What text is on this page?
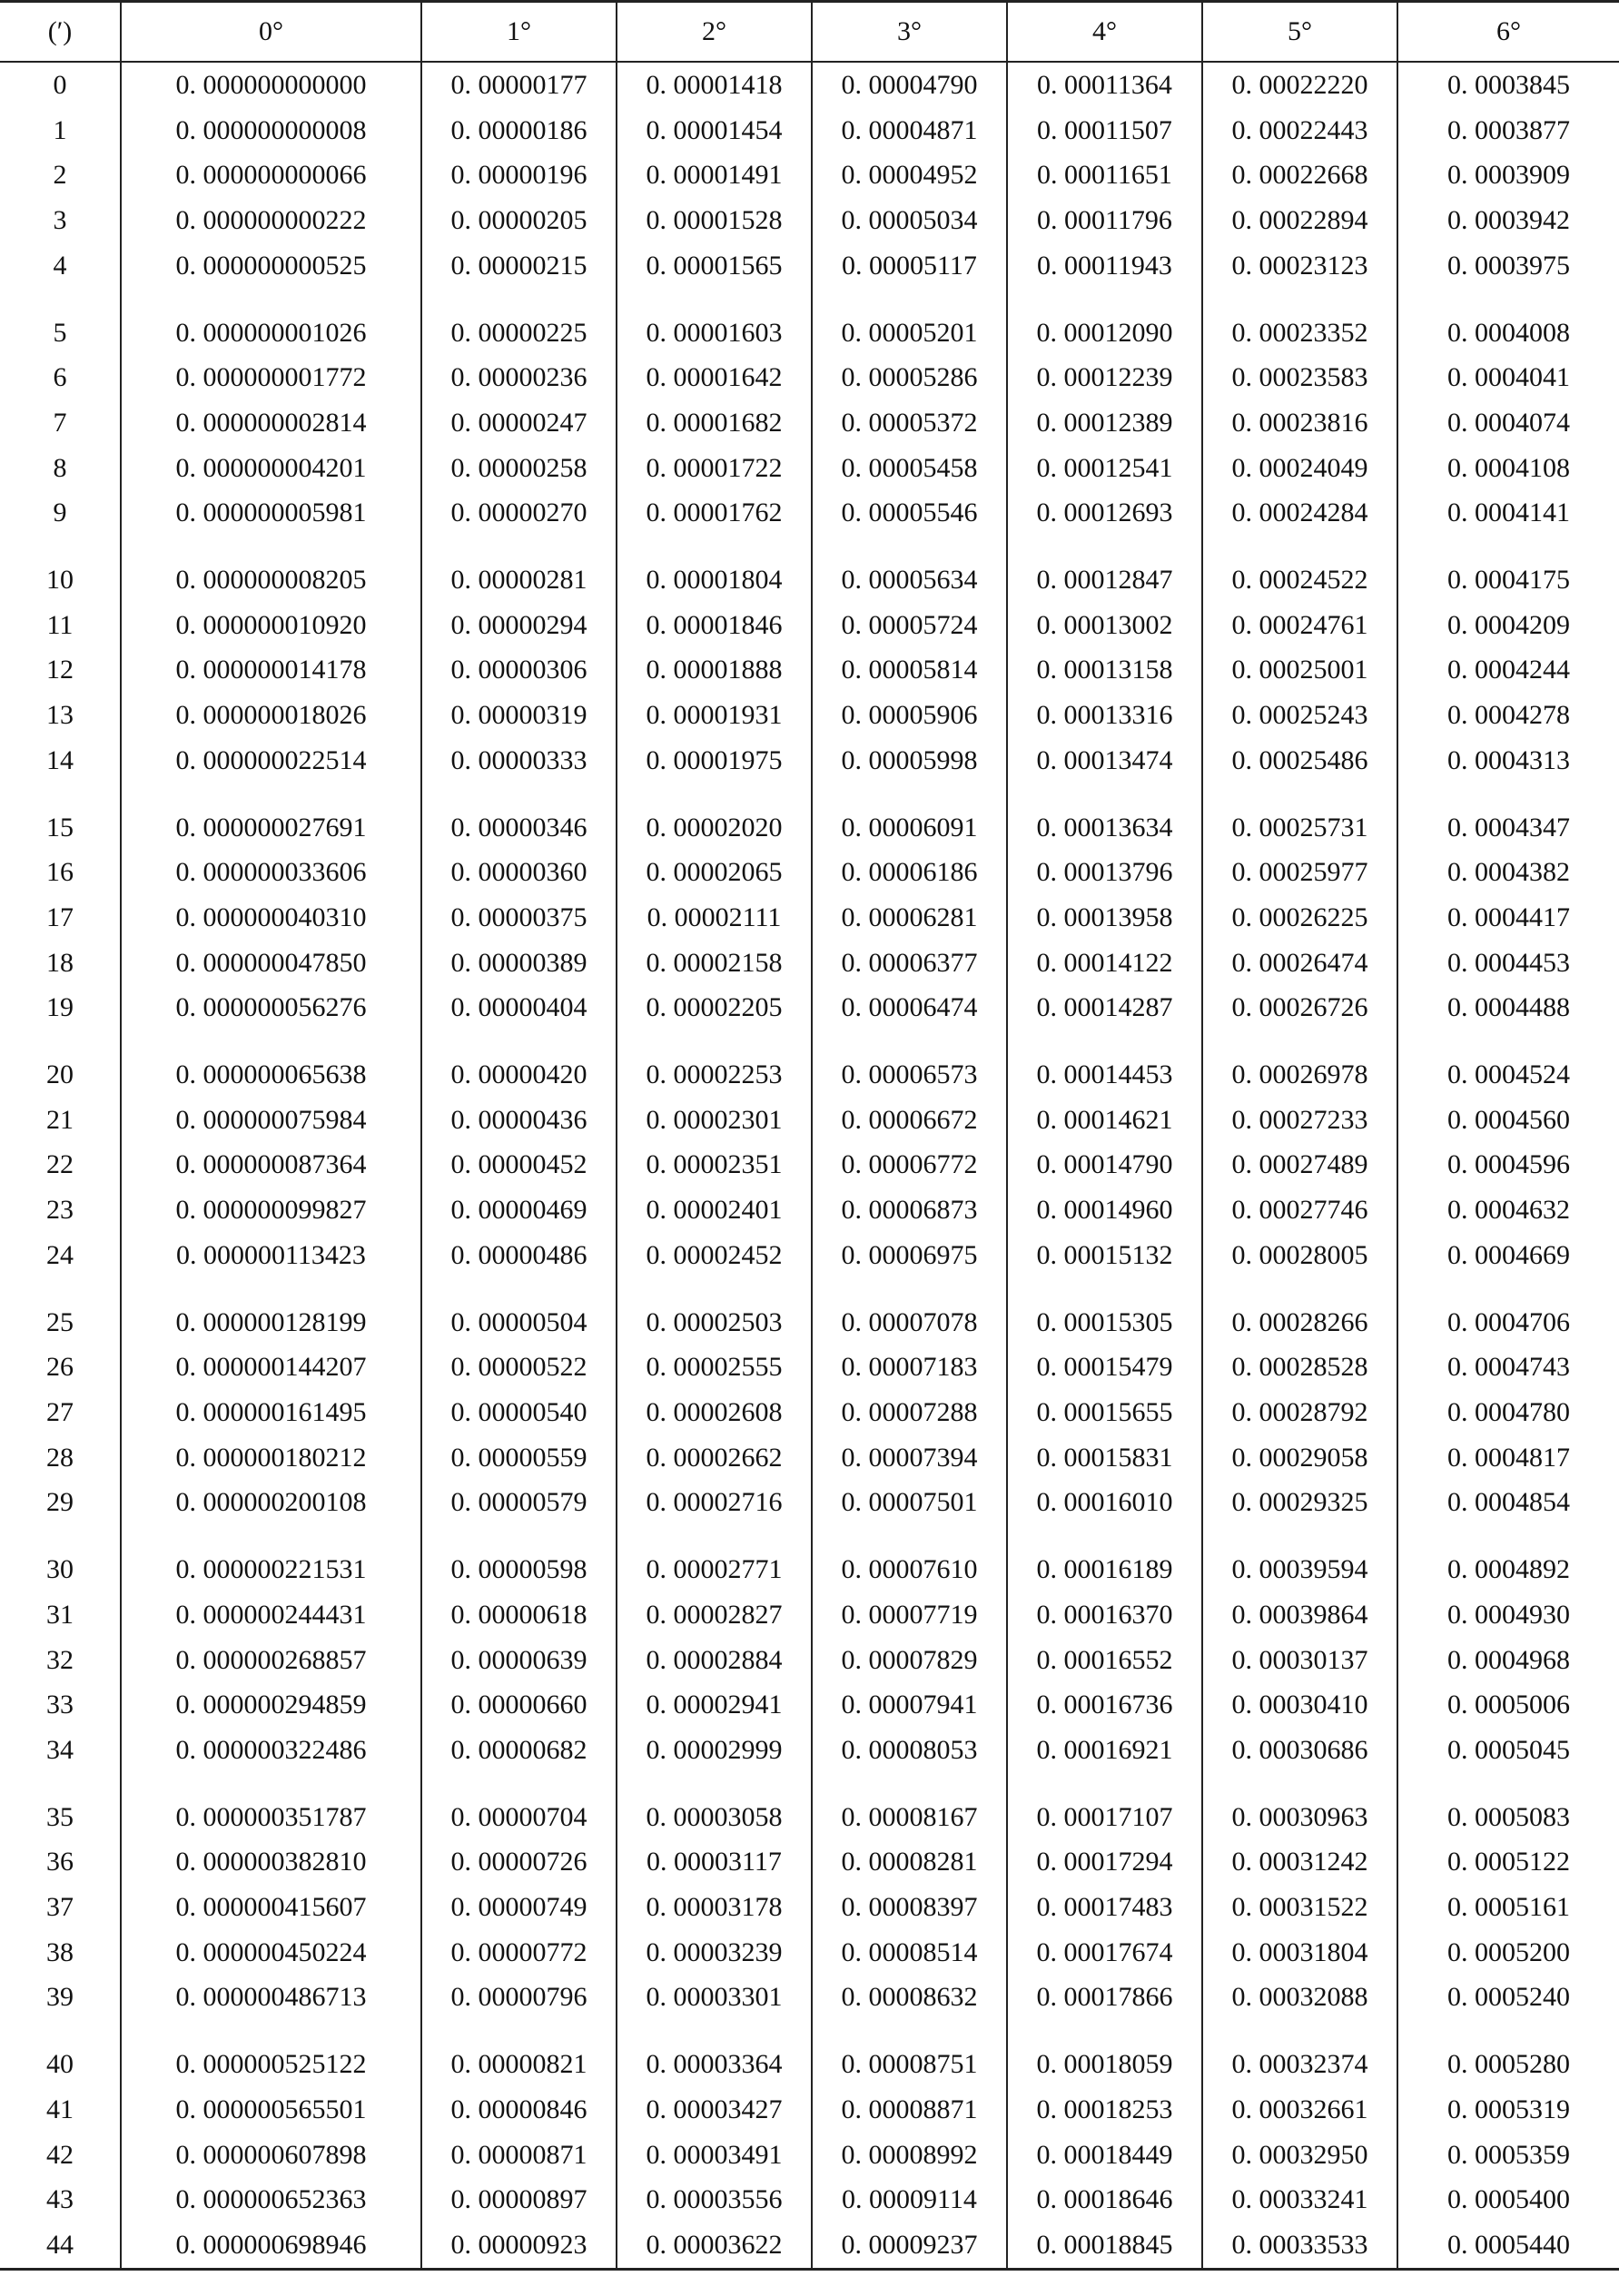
(′)	0°	1°	2°	3°	4°	5°	6°
0	0. 000000000000	0. 00000177	0. 00001418	0. 00004790	0. 00011364	0. 00022220	0. 0003845
1	0. 000000000008	0. 00000186	0. 00001454	0. 00004871	0. 00011507	0. 00022443	0. 0003877
2	0. 000000000066	0. 00000196	0. 00001491	0. 00004952	0. 00011651	0. 00022668	0. 0003909
3	0. 000000000222	0. 00000205	0. 00001528	0. 00005034	0. 00011796	0. 00022894	0. 0003942
4	0. 000000000525	0. 00000215	0. 00001565	0. 00005117	0. 00011943	0. 00023123	0. 0003975
5	0. 000000001026	0. 00000225	0. 00001603	0. 00005201	0. 00012090	0. 00023352	0. 0004008
6	0. 000000001772	0. 00000236	0. 00001642	0. 00005286	0. 00012239	0. 00023583	0. 0004041
7	0. 000000002814	0. 00000247	0. 00001682	0. 00005372	0. 00012389	0. 00023816	0. 0004074
8	0. 000000004201	0. 00000258	0. 00001722	0. 00005458	0. 00012541	0. 00024049	0. 0004108
9	0. 000000005981	0. 00000270	0. 00001762	0. 00005546	0. 00012693	0. 00024284	0. 0004141
10	0. 000000008205	0. 00000281	0. 00001804	0. 00005634	0. 00012847	0. 00024522	0. 0004175
11	0. 000000010920	0. 00000294	0. 00001846	0. 00005724	0. 00013002	0. 00024761	0. 0004209
12	0. 000000014178	0. 00000306	0. 00001888	0. 00005814	0. 00013158	0. 00025001	0. 0004244
13	0. 000000018026	0. 00000319	0. 00001931	0. 00005906	0. 00013316	0. 00025243	0. 0004278
14	0. 000000022514	0. 00000333	0. 00001975	0. 00005998	0. 00013474	0. 00025486	0. 0004313
15	0. 000000027691	0. 00000346	0. 00002020	0. 00006091	0. 00013634	0. 00025731	0. 0004347
16	0. 000000033606	0. 00000360	0. 00002065	0. 00006186	0. 00013796	0. 00025977	0. 0004382
17	0. 000000040310	0. 00000375	0. 00002111	0. 00006281	0. 00013958	0. 00026225	0. 0004417
18	0. 000000047850	0. 00000389	0. 00002158	0. 00006377	0. 00014122	0. 00026474	0. 0004453
19	0. 000000056276	0. 00000404	0. 00002205	0. 00006474	0. 00014287	0. 00026726	0. 0004488
20	0. 000000065638	0. 00000420	0. 00002253	0. 00006573	0. 00014453	0. 00026978	0. 0004524
21	0. 000000075984	0. 00000436	0. 00002301	0. 00006672	0. 00014621	0. 00027233	0. 0004560
22	0. 000000087364	0. 00000452	0. 00002351	0. 00006772	0. 00014790	0. 00027489	0. 0004596
23	0. 000000099827	0. 00000469	0. 00002401	0. 00006873	0. 00014960	0. 00027746	0. 0004632
24	0. 000000113423	0. 00000486	0. 00002452	0. 00006975	0. 00015132	0. 00028005	0. 0004669
25	0. 000000128199	0. 00000504	0. 00002503	0. 00007078	0. 00015305	0. 00028266	0. 0004706
26	0. 000000144207	0. 00000522	0. 00002555	0. 00007183	0. 00015479	0. 00028528	0. 0004743
27	0. 000000161495	0. 00000540	0. 00002608	0. 00007288	0. 00015655	0. 00028792	0. 0004780
28	0. 000000180212	0. 00000559	0. 00002662	0. 00007394	0. 00015831	0. 00029058	0. 0004817
29	0. 000000200108	0. 00000579	0. 00002716	0. 00007501	0. 00016010	0. 00029325	0. 0004854
30	0. 000000221531	0. 00000598	0. 00002771	0. 00007610	0. 00016189	0. 00039594	0. 0004892
31	0. 000000244431	0. 00000618	0. 00002827	0. 00007719	0. 00016370	0. 00039864	0. 0004930
32	0. 000000268857	0. 00000639	0. 00002884	0. 00007829	0. 00016552	0. 00030137	0. 0004968
33	0. 000000294859	0. 00000660	0. 00002941	0. 00007941	0. 00016736	0. 00030410	0. 0005006
34	0. 000000322486	0. 00000682	0. 00002999	0. 00008053	0. 00016921	0. 00030686	0. 0005045
35	0. 000000351787	0. 00000704	0. 00003058	0. 00008167	0. 00017107	0. 00030963	0. 0005083
36	0. 000000382810	0. 00000726	0. 00003117	0. 00008281	0. 00017294	0. 00031242	0. 0005122
37	0. 000000415607	0. 00000749	0. 00003178	0. 00008397	0. 00017483	0. 00031522	0. 0005161
38	0. 000000450224	0. 00000772	0. 00003239	0. 00008514	0. 00017674	0. 00031804	0. 0005200
39	0. 000000486713	0. 00000796	0. 00003301	0. 00008632	0. 00017866	0. 00032088	0. 0005240
40	0. 000000525122	0. 00000821	0. 00003364	0. 00008751	0. 00018059	0. 00032374	0. 0005280
41	0. 000000565501	0. 00000846	0. 00003427	0. 00008871	0. 00018253	0. 00032661	0. 0005319
42	0. 000000607898	0. 00000871	0. 00003491	0. 00008992	0. 00018449	0. 00032950	0. 0005359
43	0. 000000652363	0. 00000897	0. 00003556	0. 00009114	0. 00018646	0. 00033241	0. 0005400
44	0. 000000698946	0. 00000923	0. 00003622	0. 00009237	0. 00018845	0. 00033533	0. 0005440
